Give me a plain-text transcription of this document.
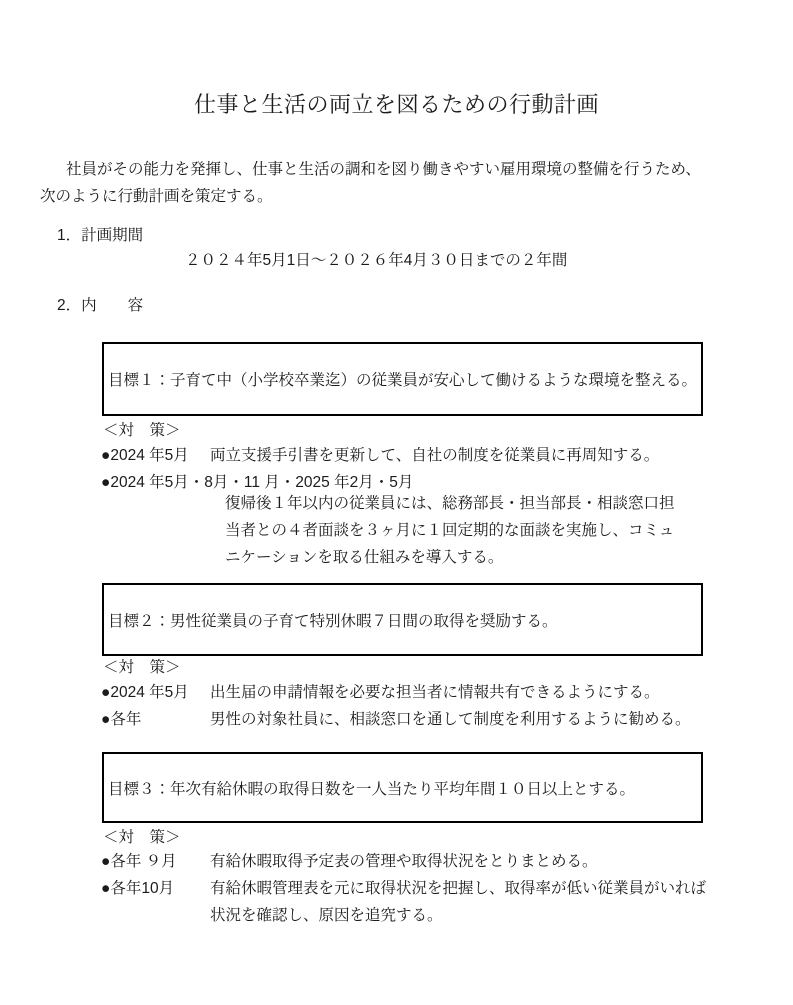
仕事と生活の両立を図るための行動計画

社員がその能力を発揮し、仕事と生活の調和を図り働きやすい雇用環境の整備を行うため、
次のように行動計画を策定する。

1．計画期間
２０２４年5月1日～２０２６年4月３０日までの２年間
2．内　　容
目標１：子育て中（小学校卒業迄）の従業員が安心して働けるような環境を整える。
＜対　策＞
●2024 年5月	両立支援手引書を更新して、自社の制度を従業員に再周知する。
●2024 年5月・8月・11 月・2025 年2月・5月
復帰後１年以内の従業員には、総務部長・担当部長・相談窓口担
当者との４者面談を３ヶ月に１回定期的な面談を実施し、コミュ
ニケーションを取る仕組みを導入する。
目標２：男性従業員の子育て特別休暇７日間の取得を奨励する。
＜対　策＞
●2024 年5月	出生届の申請情報を必要な担当者に情報共有できるようにする。
●各年	男性の対象社員に、相談窓口を通して制度を利用するように勧める。
目標３：年次有給休暇の取得日数を一人当たり平均年間１０日以上とする。
＜対　策＞
●各年 ９月	有給休暇取得予定表の管理や取得状況をとりまとめる。
●各年10月	有給休暇管理表を元に取得状況を把握し、取得率が低い従業員がいれば
状況を確認し、原因を追究する。
